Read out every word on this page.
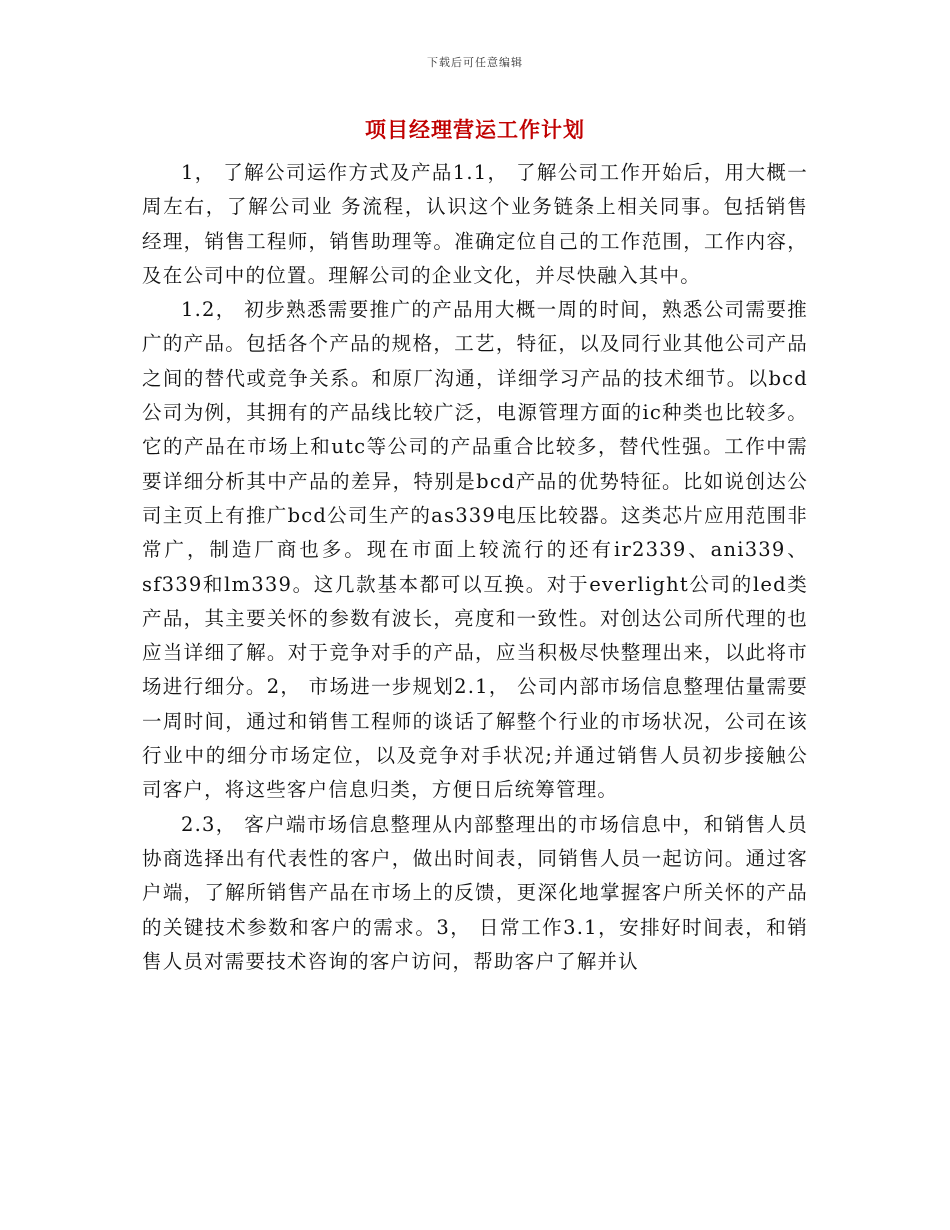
下载后可任意编辑
项目经理营运工作计划

1， 了解公司运作方式及产品1.1， 了解公司工作开始后，用大概一周左右，了解公司业 务流程，认识这个业务链条上相关同事。包括销售经理，销售工程师，销售助理等。准确定位自己的工作范围，工作内容，及在公司中的位置。理解公司的企业文化，并尽快融入其中。

1.2， 初步熟悉需要推广的产品用大概一周的时间，熟悉公司需要推广的产品。包括各个产品的规格，工艺，特征，以及同行业其他公司产品之间的替代或竞争关系。和原厂沟通，详细学习产品的技术细节。以bcd公司为例，其拥有的产品线比较广泛，电源管理方面的ic种类也比较多。它的产品在市场上和utc等公司的产品重合比较多，替代性强。工作中需要详细分析其中产品的差异，特别是bcd产品的优势特征。比如说创达公司主页上有推广bcd公司生产的as339电压比较器。这类芯片应用范围非常广，制造厂商也多。现在市面上较流行的还有ir2339、ani339、sf339和lm339。这几款基本都可以互换。对于everlight公司的led类产品，其主要关怀的参数有波长，亮度和一致性。对创达公司所代理的也应当详细了解。对于竞争对手的产品，应当积极尽快整理出来，以此将市场进行细分。2， 市场进一步规划2.1， 公司内部市场信息整理估量需要一周时间，通过和销售工程师的谈话了解整个行业的市场状况，公司在该行业中的细分市场定位，以及竞争对手状况;并通过销售人员初步接触公司客户，将这些客户信息归类，方便日后统筹管理。

2.3， 客户端市场信息整理从内部整理出的市场信息中，和销售人员协商选择出有代表性的客户，做出时间表，同销售人员一起访问。通过客户端，了解所销售产品在市场上的反馈，更深化地掌握客户所关怀的产品的关键技术参数和客户的需求。3， 日常工作3.1，安排好时间表，和销售人员对需要技术咨询的客户访问，帮助客户了解并认
